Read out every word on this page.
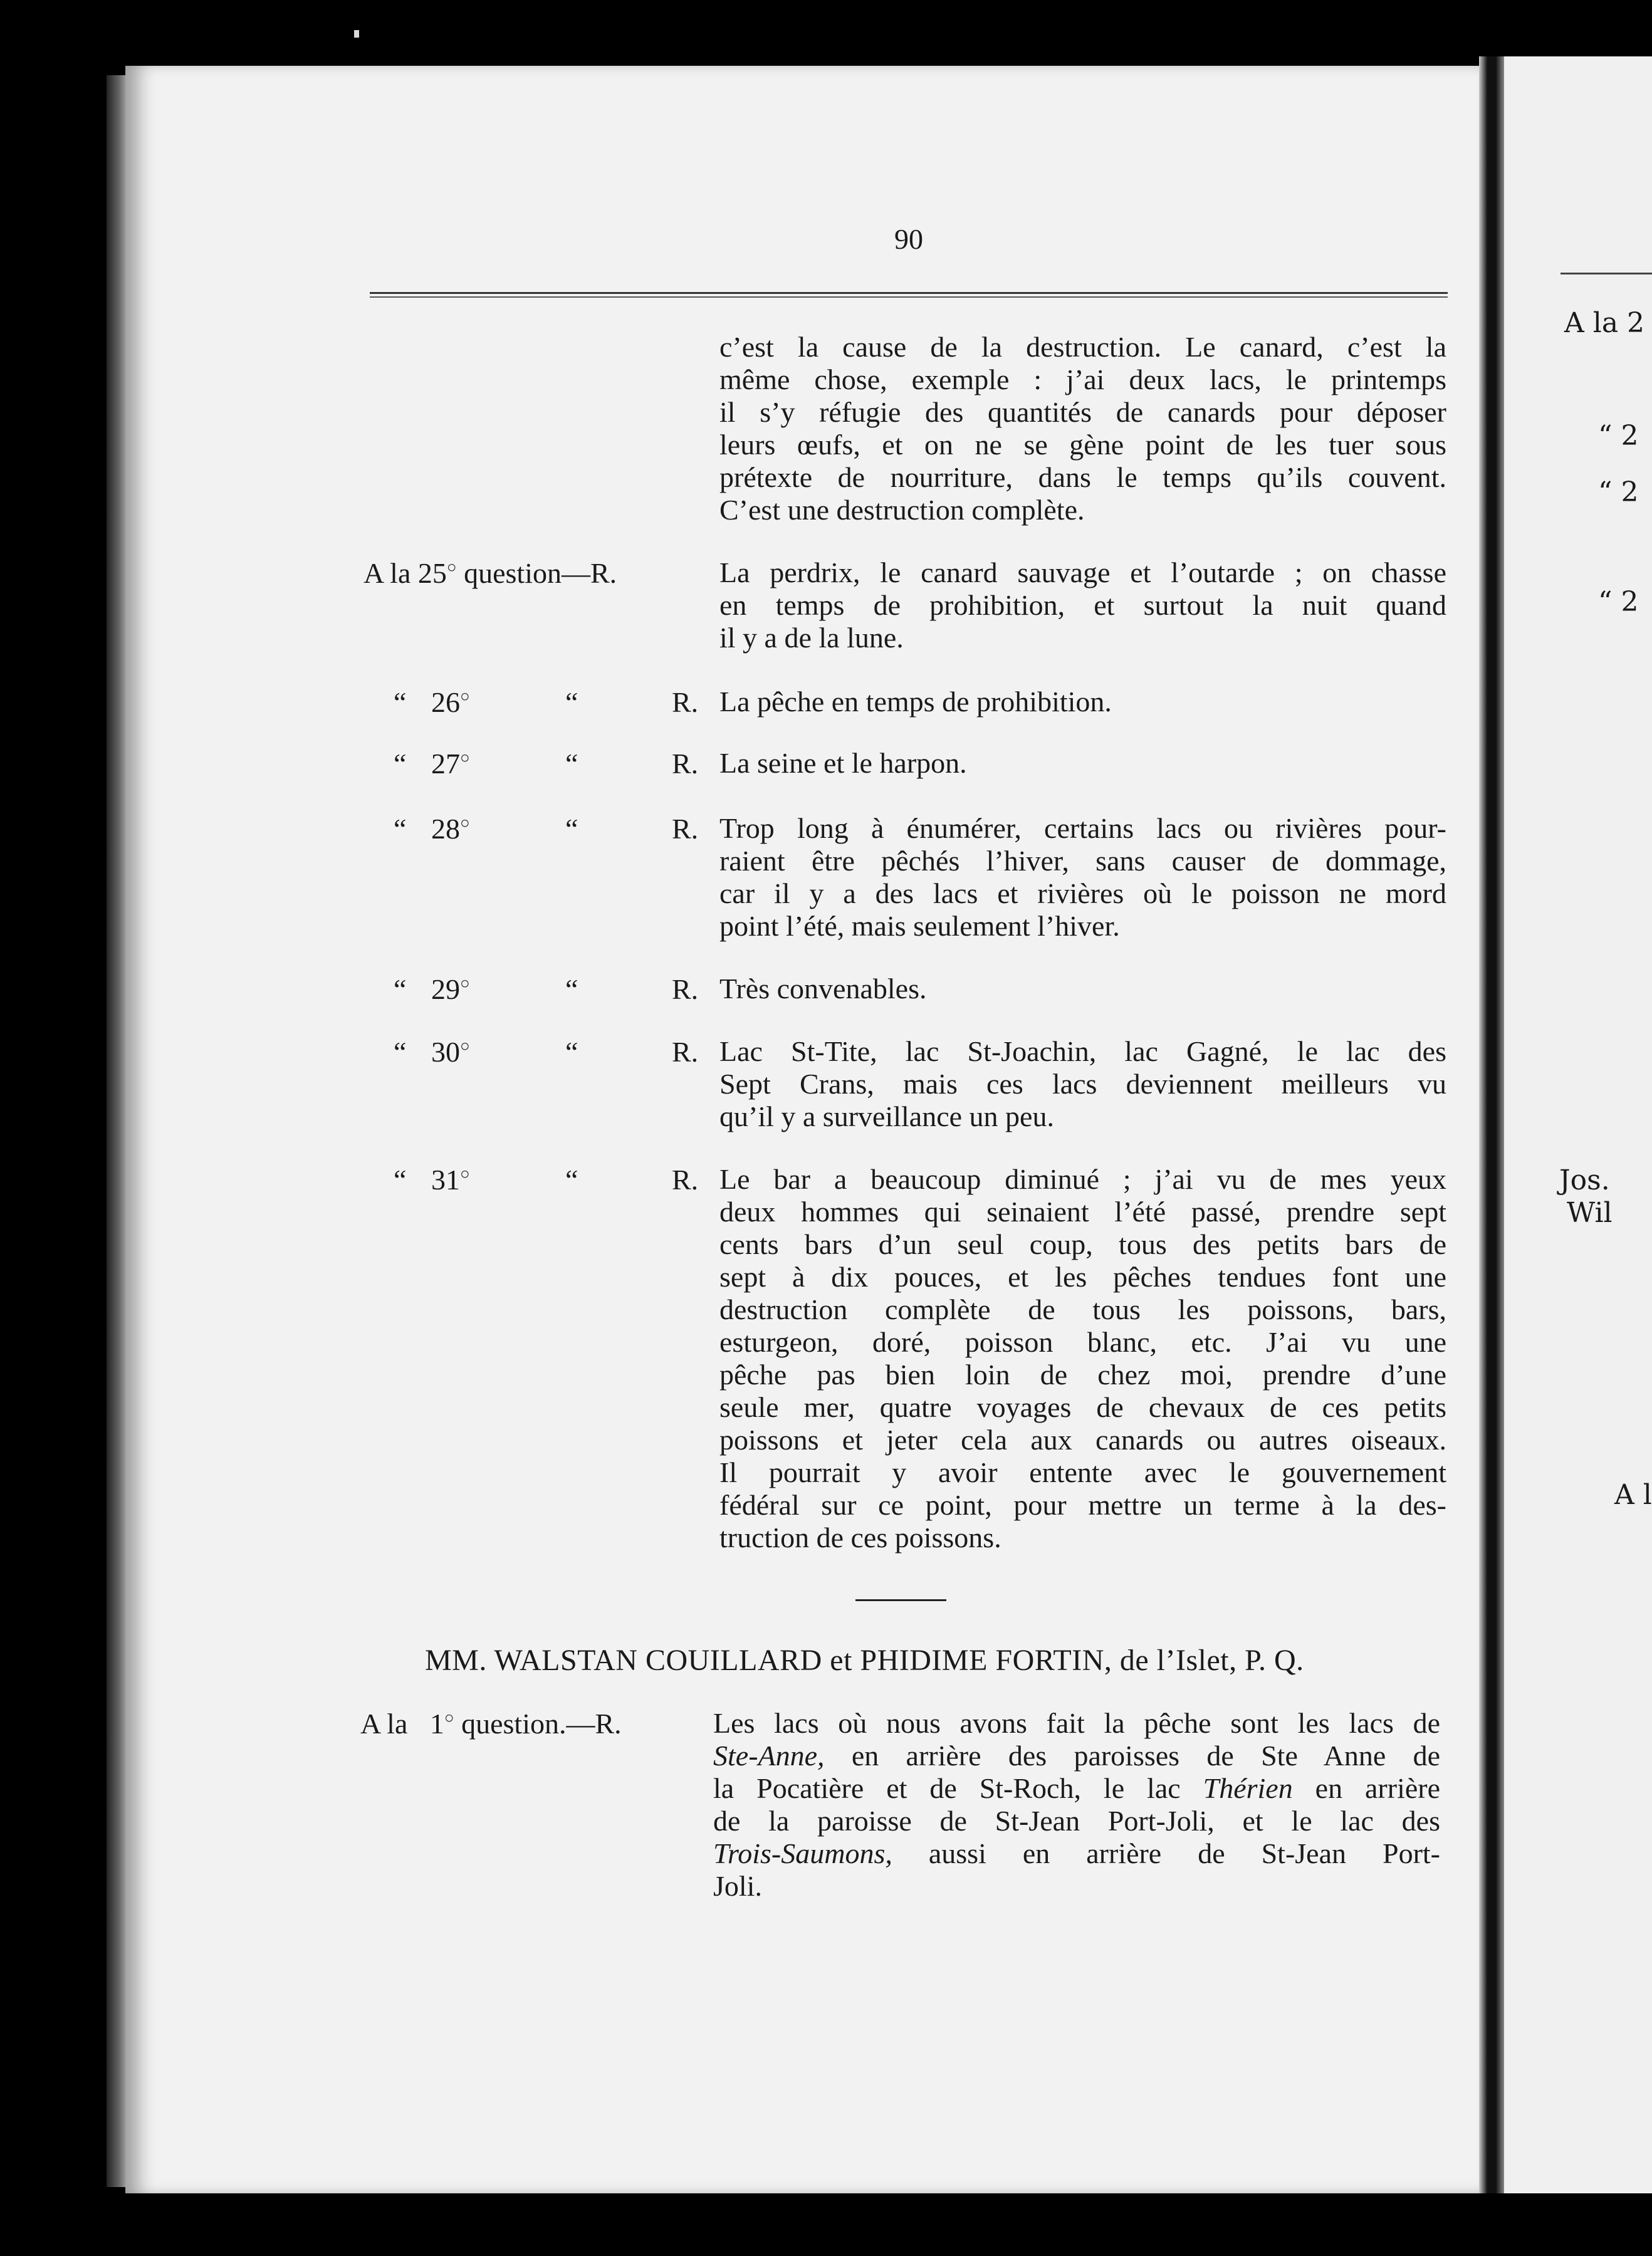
90
c’est la cause de la destruction. Le canard, c’est la
même chose, exemple : j’ai deux lacs, le printemps
il s’y réfugie des quantités de canards pour déposer
leurs œufs, et on ne se gène point de les tuer sous
prétexte de nourriture, dans le temps qu’ils couvent.
C’est une destruction complète.
A la 25○ question—R.	La perdrix, le canard sauvage et l’outarde ; on chasse
en temps de prohibition, et surtout la nuit quand
il y a de la lune.
“ 26○	“	R. La pêche en temps de prohibition.
“ 27○	“	R. La seine et le harpon.
“ 28○	“	R. Trop long à énumérer, certains lacs ou rivières pour-
raient être pêchés l’hiver, sans causer de dommage,
car il y a des lacs et rivières où le poisson ne mord
point l’été, mais seulement l’hiver.
“ 29○	“	R. Très convenables.
“ 30○	“	R. Lac St-Tite, lac St-Joachin, lac Gagné, le lac des
Sept Crans, mais ces lacs deviennent meilleurs vu
qu’il y a surveillance un peu.
“ 31○	“	R. Le bar a beaucoup diminué ; j’ai vu de mes yeux
deux hommes qui seinaient l’été passé, prendre sept
cents bars d’un seul coup, tous des petits bars de
sept à dix pouces, et les pêches tendues font une
destruction complète de tous les poissons, bars,
esturgeon, doré, poisson blanc, etc. J’ai vu une
pêche pas bien loin de chez moi, prendre d’une
seule mer, quatre voyages de chevaux de ces petits
poissons et jeter cela aux canards ou autres oiseaux.
Il pourrait y avoir entente avec le gouvernement
fédéral sur ce point, pour mettre un terme à la des-
truction de ces poissons.
MM. WALSTAN COUILLARD et PHIDIME FORTIN, de l’Islet, P. Q.
A la 1○ question.—R.	Les lacs où nous avons fait la pêche sont les lacs de
Ste-Anne, en arrière des paroisses de Ste Anne de
la Pocatière et de St-Roch, le lac Thérien en arrière
de la paroisse de St-Jean Port-Joli, et le lac des
Trois-Saumons, aussi en arrière de St-Jean Port-
Joli.
A la 2
“ 2
“ 2
“ 2
Jos.
Wil
A l
